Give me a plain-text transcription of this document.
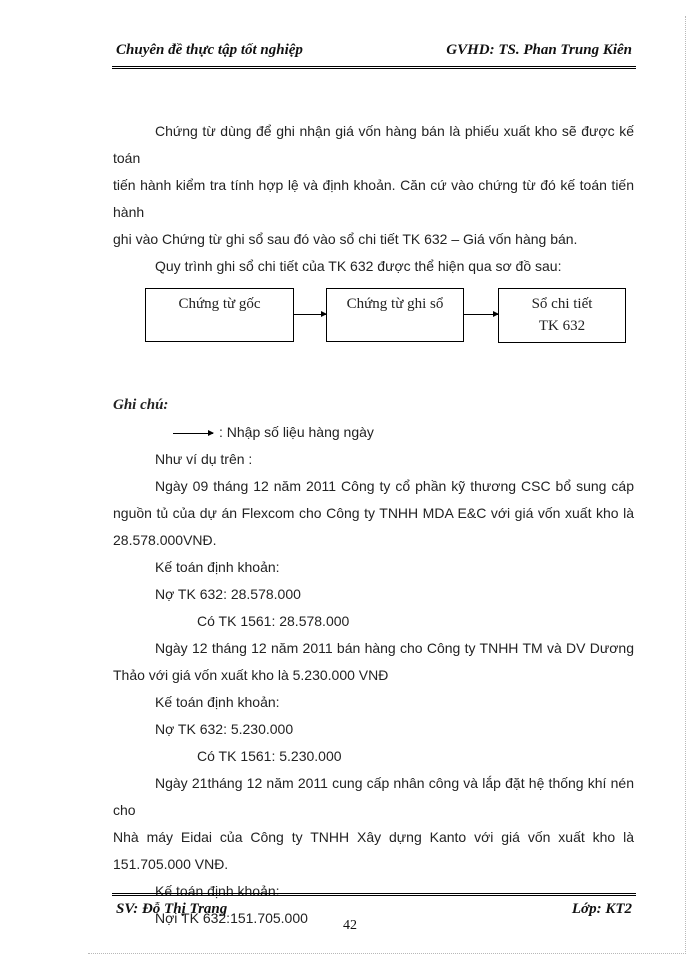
Chuyên đề thực tập tốt nghiệp	GVHD: TS. Phan Trung Kiên

Chứng từ dùng để ghi nhận giá vốn hàng bán là phiếu xuất kho sẽ được kế toán

tiến hành kiểm tra tính hợp lệ và định khoản. Căn cứ vào chứng từ đó kế toán tiến hành

ghi vào Chứng từ ghi sổ sau đó vào sổ chi tiết TK 632 – Giá vốn hàng bán.

Quy trình ghi sổ chi tiết của TK 632 được thể hiện qua sơ đồ sau:

Chứng từ gốc	Chứng từ ghi sổ	Sổ chi tiết
TK 632

Ghi chú:

: Nhập số liệu hàng ngày

Như ví dụ trên :

Ngày 09 tháng 12 năm 2011 Công ty cổ phần kỹ thương CSC bổ sung cáp

nguồn tủ của dự án Flexcom cho Công ty TNHH MDA E&C với giá vốn xuất kho là

28.578.000VNĐ.

Kế toán định khoản:

Nợ TK 632: 28.578.000

Có TK 1561: 28.578.000

Ngày 12 tháng 12 năm 2011 bán hàng cho Công ty TNHH TM và DV Dương

Thảo với giá vốn xuất kho là 5.230.000 VNĐ

Kế toán định khoản:

Nợ TK 632: 5.230.000

Có TK 1561: 5.230.000

Ngày 21tháng 12 năm 2011 cung cấp nhân công và lắp đặt hệ thống khí nén cho

Nhà máy Eidai của Công ty TNHH Xây dựng Kanto với giá vốn xuất kho là

151.705.000 VNĐ.

Kế toán định khoản:

Nợi TK 632:151.705.000

SV: Đỗ Thị Trang	Lớp: KT2
42
